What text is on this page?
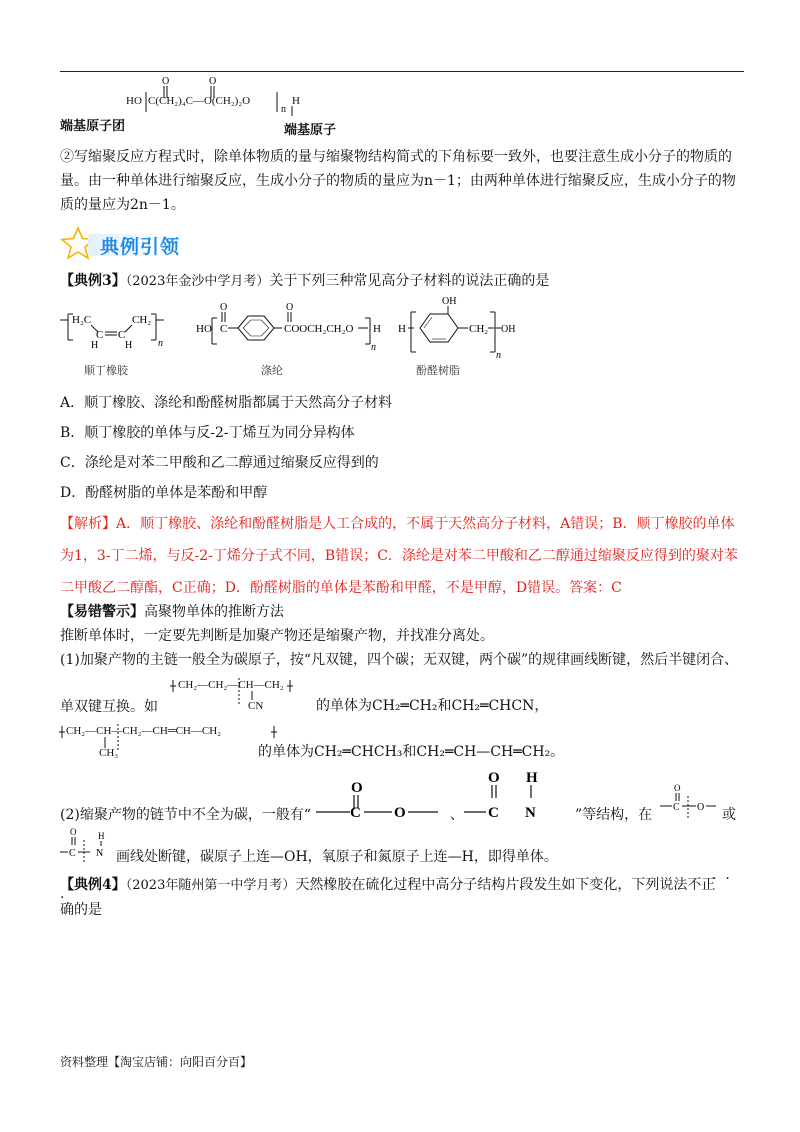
O	O
HO C(CH₂)₄C—O(CH₂)₂O
n
H
端基原子团	端基原子
②写缩聚反应方程式时，除单体物质的量与缩聚物结构简式的下角标要一致外，也要注意生成小分子的物质的
量。由一种单体进行缩聚反应，生成小分子的物质的量应为n－1；由两种单体进行缩聚反应，生成小分子的物
质的量应为2n－1。
典例引领
【典例3】（2023年金沙中学月考）关于下列三种常见高分子材料的说法正确的是
H₂C	CH₂
C C
H	H	n
HO C
O
COOCH₂CH₂O
O
H
n
H
OH
CH₂ OH
n
顺丁橡胶	涤纶	酚醛树脂
A．顺丁橡胶、涤纶和酚醛树脂都属于天然高分子材料
B．顺丁橡胶的单体与反-2-丁烯互为同分异构体
C．涤纶是对苯二甲酸和乙二醇通过缩聚反应得到的
D．酚醛树脂的单体是苯酚和甲醇
【解析】A．顺丁橡胶、涤纶和酚醛树脂是人工合成的，不属于天然高分子材料，A错误；B．顺丁橡胶的单体
为1，3-丁二烯，与反-2-丁烯分子式不同，B错误；C．涤纶是对苯二甲酸和乙二醇通过缩聚反应得到的聚对苯
二甲酸乙二醇酯，C正确；D．酚醛树脂的单体是苯酚和甲醛，不是甲醇，D错误。答案：C
【易错警示】高聚物单体的推断方法
推断单体时，一定要先判断是加聚产物还是缩聚产物，并找准分离处。
(1)加聚产物的主链一般全为碳原子，按“凡双键，四个碳；无双键，两个碳”的规律画线断键，然后半键闭合、
单双键互换。如
CH₂—CH₂—CH—CH₂
CN	的单体为CH₂═CH₂和CH₂═CHCN，
CH₂—CH—CH₂—CH═CH—CH₂
CH₃	的单体为CH₂═CHCH₃和CH₂═CH—CH═CH₂。
(2)缩聚产物的链节中不全为碳，一般有“
O
C O
O
C
H
N
、	”等结构，在
O
C O 或
O
C
H
N 画线处断键，碳原子上连—OH，氧原子和氮原子上连—H，即得单体。
【典例4】（2023年随州第一中学月考）天然橡胶在硫化过程中高分子结构片段发生如下变化，下列说法不正
·  ·
·
确的是
资料整理【淘宝店铺：向阳百分百】
